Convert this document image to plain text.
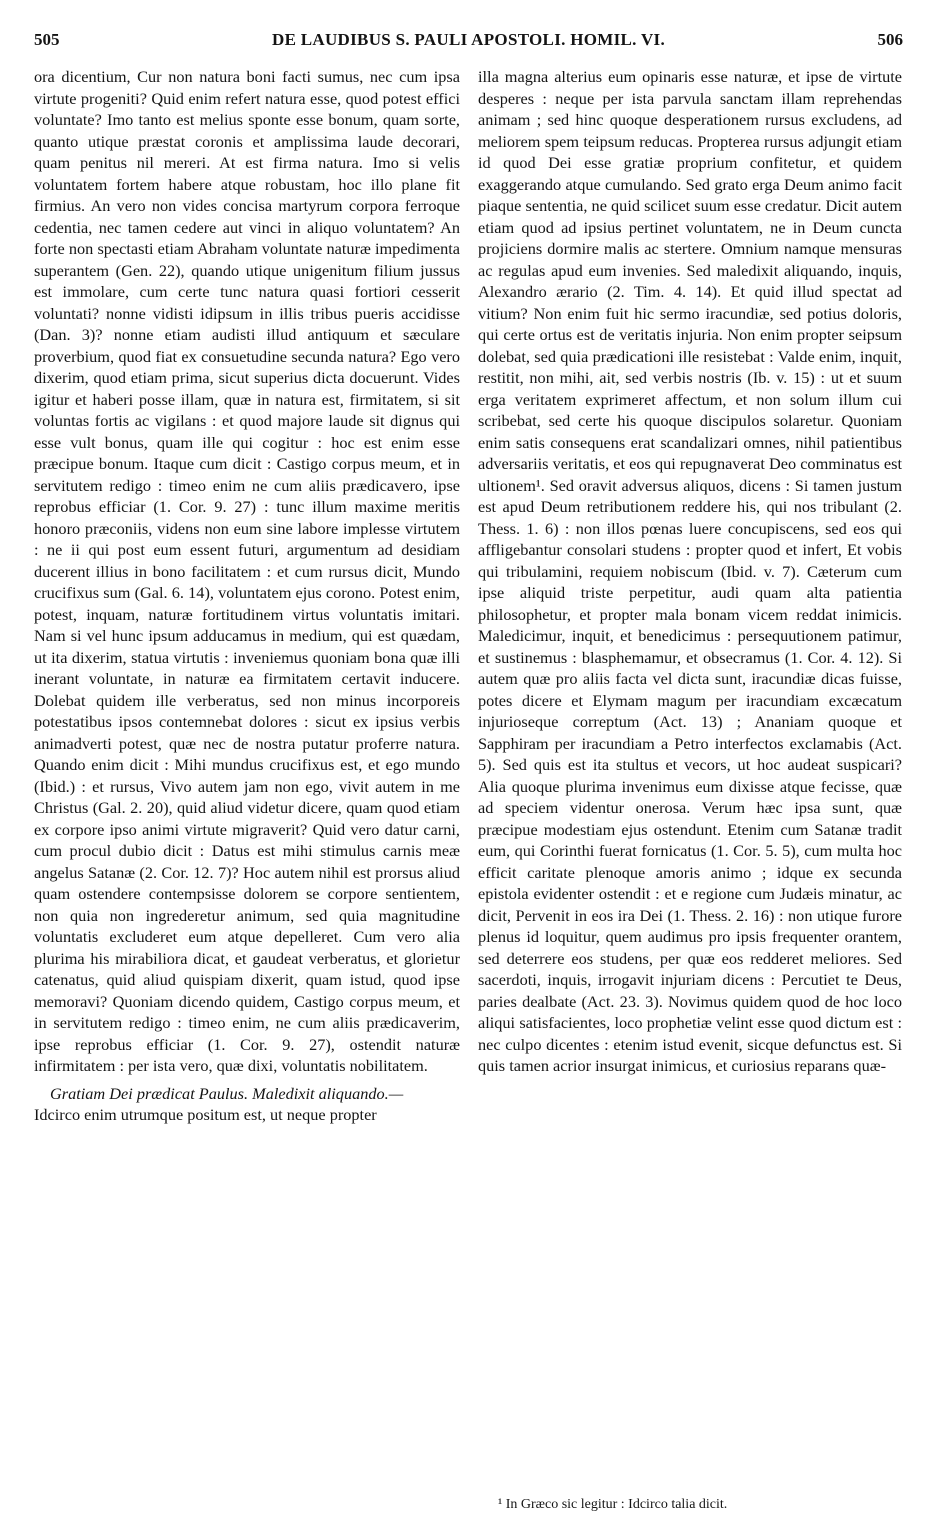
505	DE LAUDIBUS S. PAULI APOSTOLI. HOMIL. VI.	506

ora dicentium, Cur non natura boni facti sumus, nec cum ipsa virtute progeniti? Quid enim refert natura esse, quod potest effici voluntate? Imo tanto est melius sponte esse bonum, quam sorte, quanto utique præstat coronis et amplissima laude decorari, quam penitus nil mereri. At est firma natura. Imo si velis voluntatem fortem habere atque robustam, hoc illo plane fit firmius. An vero non vides concisa martyrum corpora ferroque cedentia, nec tamen cedere aut vinci in aliquo voluntatem? An forte non spectasti etiam Abraham voluntate naturæ impedimenta superantem (Gen. 22), quando utique unigenitum filium jussus est immolare, cum certe tunc natura quasi fortiori cesserit voluntati? nonne vidisti idipsum in illis tribus pueris accidisse (Dan. 3)? nonne etiam audisti illud antiquum et sæculare proverbium, quod fiat ex consuetudine secunda natura? Ego vero dixerim, quod etiam prima, sicut superius dicta docuerunt. Vides igitur et haberi posse illam, quæ in natura est, firmitatem, si sit voluntas fortis ac vigilans : et quod majore laude sit dignus qui esse vult bonus, quam ille qui cogitur : hoc est enim esse præcipue bonum. Itaque cum dicit : Castigo corpus meum, et in servitutem redigo : timeo enim ne cum aliis prædicavero, ipse reprobus efficiar (1. Cor. 9. 27) : tunc illum maxime meritis honoro præconiis, videns non eum sine labore implesse virtutem : ne ii qui post eum essent futuri, argumentum ad desidiam ducerent illius in bono facilitatem : et cum rursus dicit, Mundo crucifixus sum (Gal. 6. 14), voluntatem ejus corono. Potest enim, potest, inquam, naturæ fortitudinem virtus voluntatis imitari. Nam si vel hunc ipsum adducamus in medium, qui est quædam, ut ita dixerim, statua virtutis : inveniemus quoniam bona quæ illi inerant voluntate, in naturæ ea firmitatem certavit inducere. Dolebat quidem ille verberatus, sed non minus incorporeis potestatibus ipsos contemnebat dolores : sicut ex ipsius verbis animadverti potest, quæ nec de nostra putatur proferre natura. Quando enim dicit : Mihi mundus crucifixus est, et ego mundo (Ibid.) : et rursus, Vivo autem jam non ego, vivit autem in me Christus (Gal. 2. 20), quid aliud videtur dicere, quam quod etiam ex corpore ipso animi virtute migraverit? Quid vero datur carni, cum procul dubio dicit : Datus est mihi stimulus carnis meæ angelus Satanæ (2. Cor. 12. 7)? Hoc autem nihil est prorsus aliud quam ostendere contempsisse dolorem se corpore sentientem, non quia non ingrederetur animum, sed quia magnitudine voluntatis excluderet eum atque depelleret. Cum vero alia plurima his mirabiliora dicat, et gaudeat verberatus, et glorietur catenatus, quid aliud quispiam dixerit, quam istud, quod ipse memoravi? Quoniam dicendo quidem, Castigo corpus meum, et in servitutem redigo : timeo enim, ne cum aliis prædicaverim, ipse reprobus efficiar (1. Cor. 9. 27), ostendit naturæ infirmitatem : per ista vero, quæ dixi, voluntatis nobilitatem.

Gratiam Dei prædicat Paulus. Maledixit aliquando.—

Idcirco enim utrumque positum est, ut neque propter

illa magna alterius eum opinaris esse naturæ, et ipse de virtute desperes : neque per ista parvula sanctam illam reprehendas animam ; sed hinc quoque desperationem rursus excludens, ad meliorem spem teipsum reducas. Propterea rursus adjungit etiam id quod Dei esse gratiæ proprium confitetur, et quidem exaggerando atque cumulando. Sed grato erga Deum animo facit piaque sententia, ne quid scilicet suum esse credatur. Dicit autem etiam quod ad ipsius pertinet voluntatem, ne in Deum cuncta projiciens dormire malis ac stertere. Omnium namque mensuras ac regulas apud eum invenies. Sed maledixit aliquando, inquis, Alexandro ærario (2. Tim. 4. 14). Et quid illud spectat ad vitium? Non enim fuit hic sermo iracundiæ, sed potius doloris, qui certe ortus est de veritatis injuria. Non enim propter seipsum dolebat, sed quia prædicationi ille resistebat : Valde enim, inquit, restitit, non mihi, ait, sed verbis nostris (Ib. v. 15) : ut et suum erga veritatem exprimeret affectum, et non solum illum cui scribebat, sed certe his quoque discipulos solaretur. Quoniam enim satis consequens erat scandalizari omnes, nihil patientibus adversariis veritatis, et eos qui repugnaverat Deo comminatus est ultionem¹. Sed oravit adversus aliquos, dicens : Si tamen justum est apud Deum retributionem reddere his, qui nos tribulant (2. Thess. 1. 6) : non illos pœnas luere concupiscens, sed eos qui affligebantur consolari studens : propter quod et infert, Et vobis qui tribulamini, requiem nobiscum (Ibid. v. 7). Cæterum cum ipse aliquid triste perpetitur, audi quam alta patientia philosophetur, et propter mala bonam vicem reddat inimicis. Maledicimur, inquit, et benedicimus : persequutionem patimur, et sustinemus : blasphemamur, et obsecramus (1. Cor. 4. 12). Si autem quæ pro aliis facta vel dicta sunt, iracundiæ dicas fuisse, potes dicere et Elymam magum per iracundiam excæcatum injurioseque correptum (Act. 13) ; Ananiam quoque et Sapphiram per iracundiam a Petro interfectos exclamabis (Act. 5). Sed quis est ita stultus et vecors, ut hoc audeat suspicari? Alia quoque plurima invenimus eum dixisse atque fecisse, quæ ad speciem videntur onerosa. Verum hæc ipsa sunt, quæ præcipue modestiam ejus ostendunt. Etenim cum Satanæ tradit eum, qui Corinthi fuerat fornicatus (1. Cor. 5. 5), cum multa hoc efficit caritate plenoque amoris animo ; idque ex secunda epistola evidenter ostendit : et e regione cum Judæis minatur, ac dicit, Pervenit in eos ira Dei (1. Thess. 2. 16) : non utique furore plenus id loquitur, quem audimus pro ipsis frequenter orantem, sed deterrere eos studens, per quæ eos redderet meliores. Sed sacerdoti, inquis, irrogavit injuriam dicens : Percutiet te Deus, paries dealbate (Act. 23. 3). Novimus quidem quod de hoc loco aliqui satisfacientes, loco prophetiæ velint esse quod dictum est : nec culpo dicentes : etenim istud evenit, sicque defunctus est. Si quis tamen acrior insurgat inimicus, et curiosius reparans quæ-

¹ In Græco sic legitur : Idcirco talia dicit.
